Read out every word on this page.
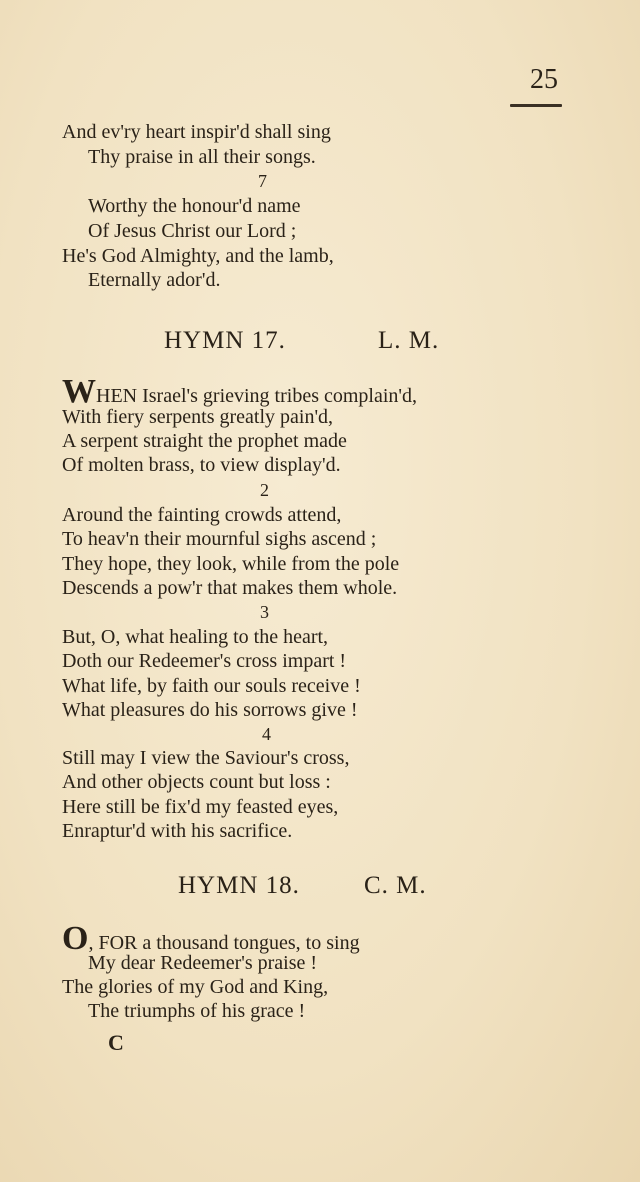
25
And ev'ry heart inspir'd shall sing
Thy praise in all their songs.
7
Worthy the honour'd name
Of Jesus Christ our Lord ;
He's God Almighty, and the lamb,
Eternally ador'd.
HYMN 17.	L. M.
WHEN Israel's grieving tribes complain'd,
With fiery serpents greatly pain'd,
A serpent straight the prophet made
Of molten brass, to view display'd.
2
Around the fainting crowds attend,
To heav'n their mournful sighs ascend ;
They hope, they look, while from the pole
Descends a pow'r that makes them whole.
3
But, O, what healing to the heart,
Doth our Redeemer's cross impart !
What life, by faith our souls receive !
What pleasures do his sorrows give !
4
Still may I view the Saviour's cross,
And other objects count but loss :
Here still be fix'd my feasted eyes,
Enraptur'd with his sacrifice.
HYMN 18.	C. M.
O, FOR a thousand tongues, to sing
My dear Redeemer's praise !
The glories of my God and King,
The triumphs of his grace !
C
